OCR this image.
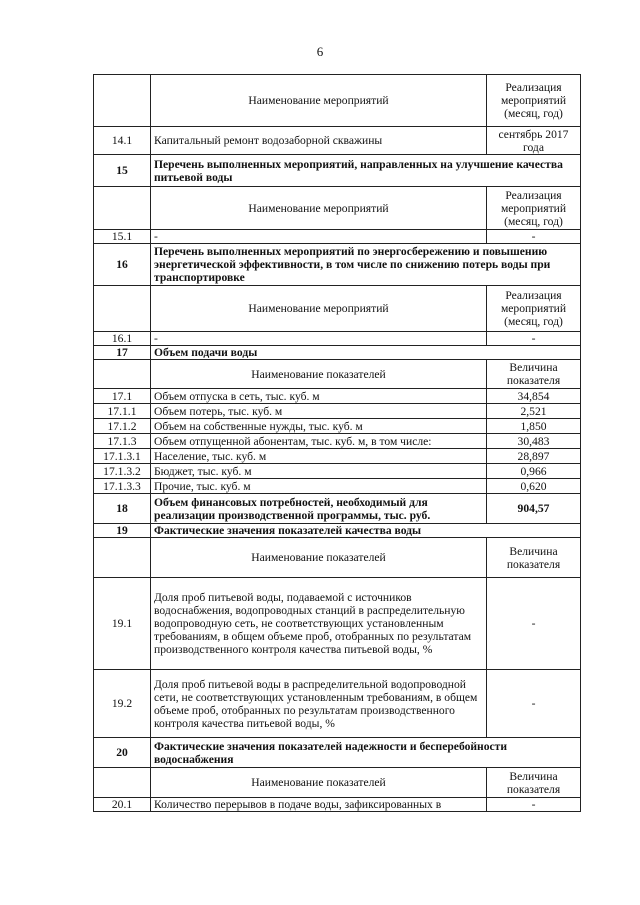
6
	Наименование мероприятий	Реализация мероприятий (месяц, год)
14.1	Капитальный ремонт водозаборной скважины	сентябрь 2017 года
15	Перечень выполненных мероприятий, направленных на улучшение качества питьевой воды	
	Наименование мероприятий	Реализация мероприятий (месяц, год)
15.1	-	-
16	Перечень выполненных мероприятий по энергосбережению и повышению энергетической эффективности, в том числе по снижению потерь воды при транспортировке	
	Наименование мероприятий	Реализация мероприятий (месяц, год)
16.1	-	-
17	Объем подачи воды	
	Наименование показателей	Величина показателя
17.1	Объем отпуска в сеть, тыс. куб. м	34,854
17.1.1	Объем потерь, тыс. куб. м	2,521
17.1.2	Объем на собственные нужды, тыс. куб. м	1,850
17.1.3	Объем отпущенной абонентам, тыс. куб. м, в том числе:	30,483
17.1.3.1	Население, тыс. куб. м	28,897
17.1.3.2	Бюджет, тыс. куб. м	0,966
17.1.3.3	Прочие, тыс. куб. м	0,620
18	Объем финансовых потребностей, необходимый для реализации производственной программы, тыс. руб.	904,57
19	Фактические значения показателей качества воды	
	Наименование показателей	Величина показателя
19.1	Доля проб питьевой воды, подаваемой с источников водоснабжения, водопроводных станций в распределительную водопроводную сеть, не соответствующих установленным требованиям, в общем объеме проб, отобранных по результатам производственного контроля качества питьевой воды, %	-
19.2	Доля проб питьевой воды в распределительной водопроводной сети, не соответствующих установленным требованиям, в общем объеме проб, отобранных по результатам производственного контроля качества питьевой воды, %	-
20	Фактические значения показателей надежности и бесперебойности водоснабжения	
	Наименование показателей	Величина показателя
20.1	Количество перерывов в подаче воды, зафиксированных в	-
